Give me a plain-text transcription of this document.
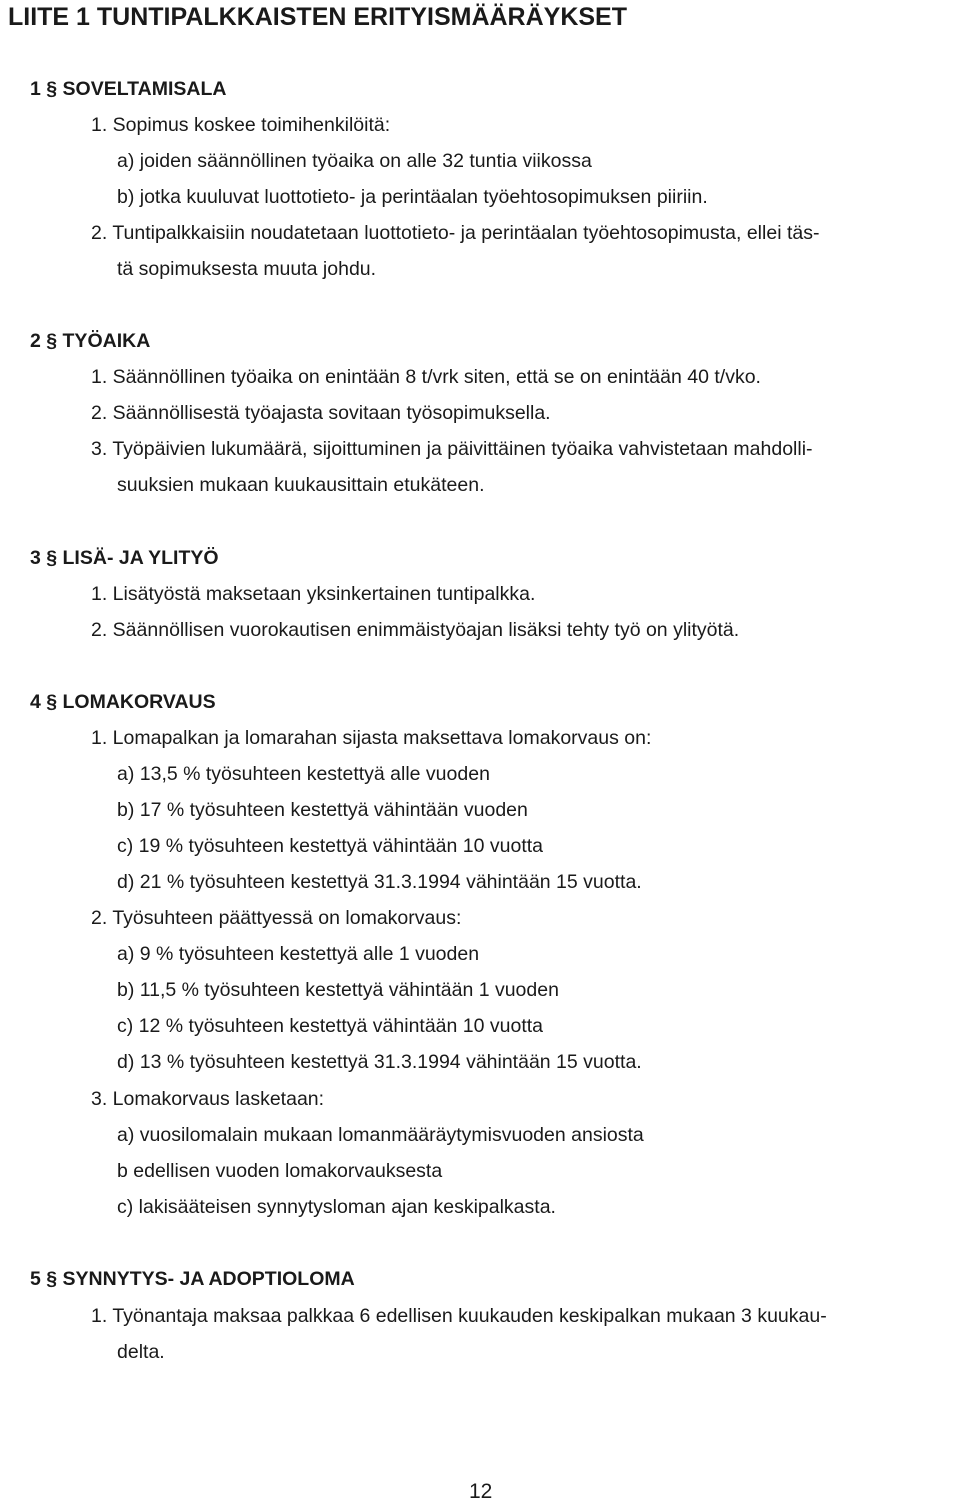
LIITE 1 TUNTIPALKKAISTEN ERITYISMÄÄRÄYKSET
1 § SOVELTAMISALA
1. Sopimus koskee toimihenkilöitä:
a) joiden säännöllinen työaika on alle 32 tuntia viikossa
b) jotka kuuluvat luottotieto- ja perintäalan työehtosopimuksen piiriin.
2. Tuntipalkkaisiin noudatetaan luottotieto- ja perintäalan työehtosopimusta, ellei täs-
tä sopimuksesta muuta johdu.
2 § TYÖAIKA
1. Säännöllinen työaika on enintään 8 t/vrk siten, että se on enintään 40 t/vko.
2. Säännöllisestä työajasta sovitaan työsopimuksella.
3. Työpäivien lukumäärä, sijoittuminen ja päivittäinen työaika vahvistetaan mahdolli-
suuksien mukaan kuukausittain etukäteen.
3 § LISÄ- JA YLITYÖ
1. Lisätyöstä maksetaan yksinkertainen tuntipalkka.
2. Säännöllisen vuorokautisen enimmäistyöajan lisäksi tehty työ on ylityötä.
4 § LOMAKORVAUS
1. Lomapalkan ja lomarahan sijasta maksettava lomakorvaus on:
a) 13,5 % työsuhteen kestettyä alle vuoden
b) 17 % työsuhteen kestettyä vähintään vuoden
c) 19 % työsuhteen kestettyä vähintään 10 vuotta
d) 21 % työsuhteen kestettyä 31.3.1994 vähintään 15 vuotta.
2. Työsuhteen päättyessä on lomakorvaus:
a) 9 % työsuhteen kestettyä alle 1 vuoden
b) 11,5 % työsuhteen kestettyä vähintään 1 vuoden
c) 12 % työsuhteen kestettyä vähintään 10 vuotta
d) 13 % työsuhteen kestettyä 31.3.1994 vähintään 15 vuotta.
3. Lomakorvaus lasketaan:
a) vuosilomalain mukaan lomanmääräytymisvuoden ansiosta
b edellisen vuoden lomakorvauksesta
c) lakisääteisen synnytysloman ajan keskipalkasta.
5 § SYNNYTYS- JA ADOPTIOLOMA
1. Työnantaja maksaa palkkaa 6 edellisen kuukauden keskipalkan mukaan 3 kuukau-
delta.
12
